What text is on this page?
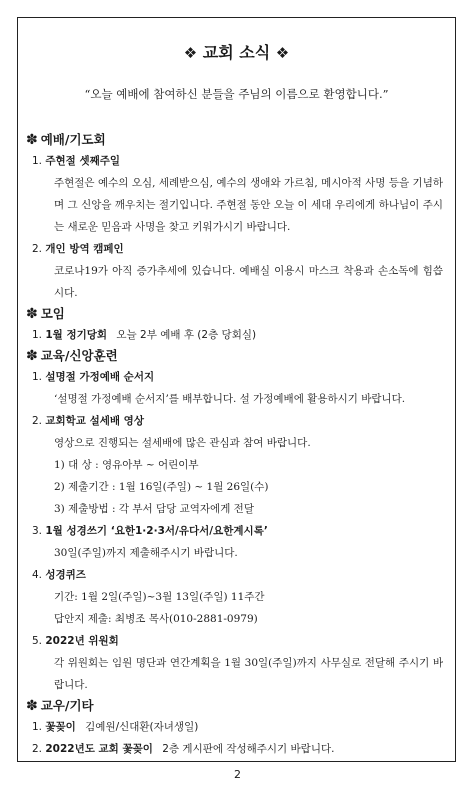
❖ 교회 소식 ❖
“오늘 예배에 참여하신 분들을 주님의 이름으로 환영합니다.”
✽ 예배/기도회
1. 주현절 셋째주일
주현절은 예수의 오심, 세례받으심, 예수의 생애와 가르침, 메시아적 사명 등을 기념하며 그 신앙을 깨우치는 절기입니다. 주현절 동안 오늘 이 세대 우리에게 하나님이 주시는 새로운 믿음과 사명을 찾고 키워가시기 바랍니다.
2. 개인 방역 캠페인
코로나19가 아직 증가추세에 있습니다. 예배실 이용시 마스크 착용과 손소독에 힘씁시다.
✽ 모임
1. 1월 정기당회 오늘 2부 예배 후 (2층 당회실)
✽ 교육/신앙훈련
1. 설명절 가정예배 순서지
‘설명절 가정예배 순서지’를 배부합니다. 설 가정예배에 활용하시기 바랍니다.
2. 교회학교 설세배 영상
영상으로 진행되는 설세배에 많은 관심과 참여 바랍니다.
1) 대 상 : 영유아부 ~ 어린이부
2) 제출기간 : 1월 16일(주일) ~ 1월 26일(수)
3) 제출방법 : 각 부서 담당 교역자에게 전달
3. 1월 성경쓰기 ‘요한1·2·3서/유다서/요한계시록’
30일(주일)까지 제출해주시기 바랍니다.
4. 성경퀴즈
기간: 1월 2일(주일)~3월 13일(주일) 11주간
답안지 제출: 최병조 목사(010-2881-0979)
5. 2022년 위원회
각 위원회는 임원 명단과 연간계획을 1월 30일(주일)까지 사무실로 전달해 주시기 바랍니다.
✽ 교우/기타
1. 꽃꽂이 김예원/신대환(자녀생일)
2. 2022년도 교회 꽃꽂이 2층 게시판에 작성해주시기 바랍니다.
2
